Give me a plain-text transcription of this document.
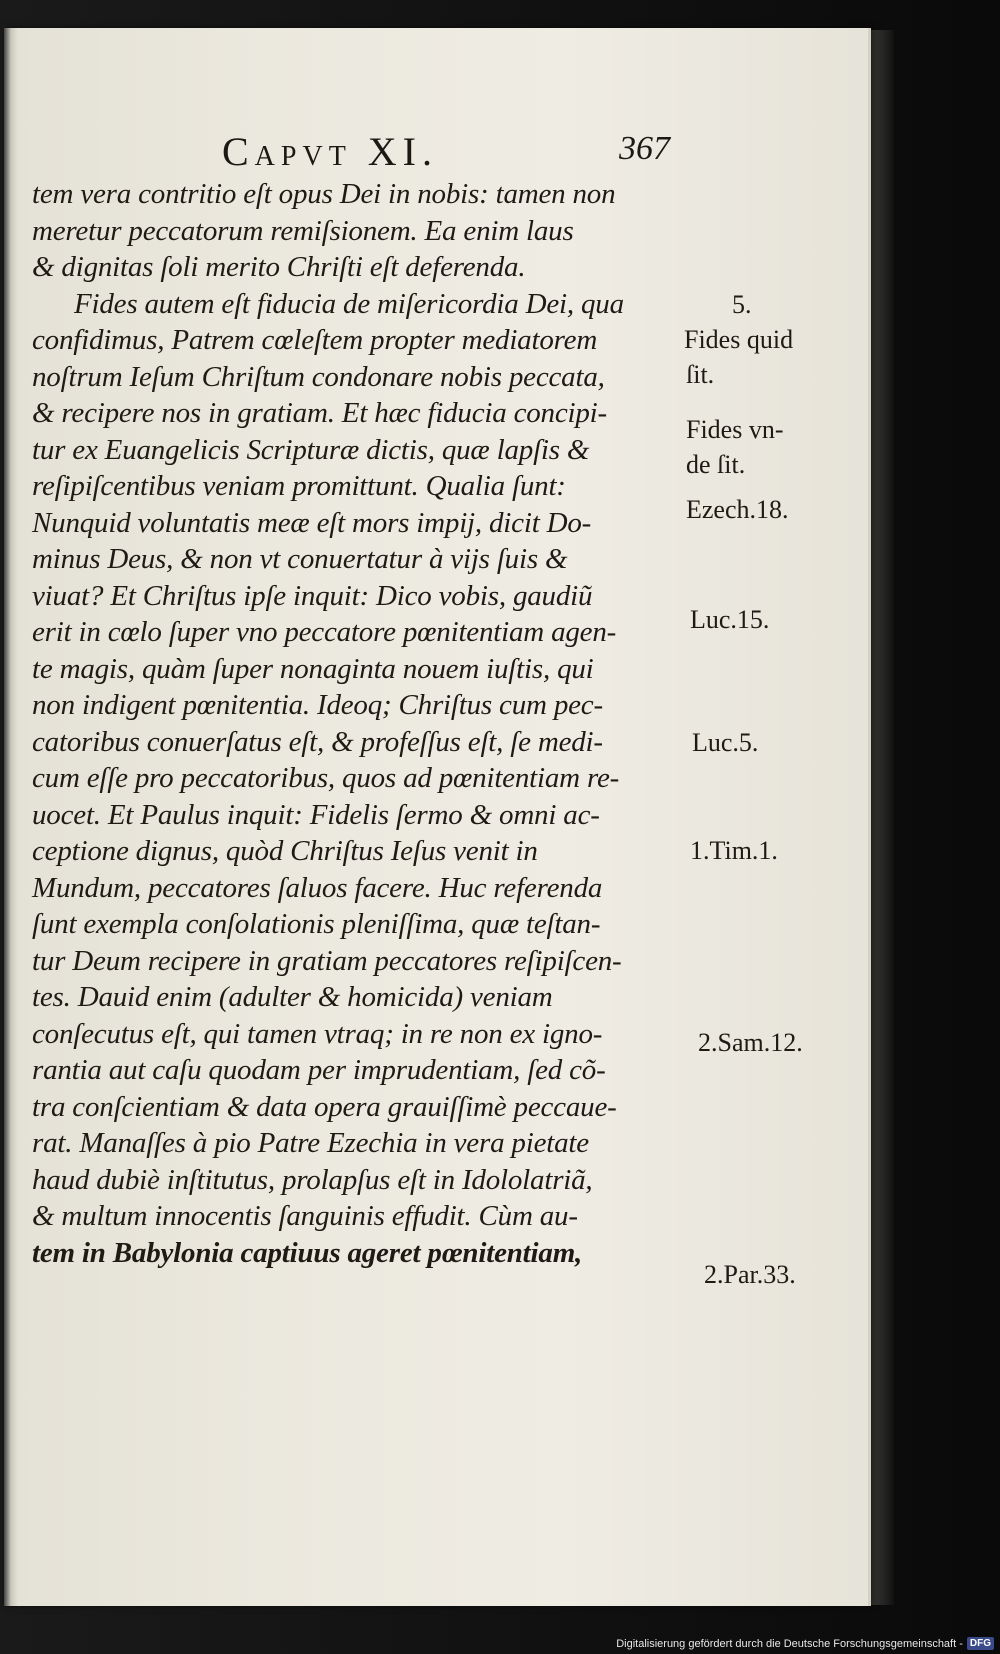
Capvt XI.	367
tem vera contritio eſt opus Dei in nobis: tamen non
meretur peccatorum remiſsionem. Ea enim laus
& dignitas ſoli merito Chriſti eſt deferenda.
Fides autem eſt fiducia de miſericordia Dei, qua
confidimus, Patrem cœleſtem propter mediatorem
noſtrum Ieſum Chriſtum condonare nobis peccata,
& recipere nos in gratiam. Et hæc fiducia concipi-
tur ex Euangelicis Scripturæ dictis, quæ lapſis &
reſipiſcentibus veniam promittunt. Qualia ſunt:
Nunquid voluntatis meæ eſt mors impij, dicit Do-
minus Deus, & non vt conuertatur à vijs ſuis &
viuat? Et Chriſtus ipſe inquit: Dico vobis, gaudiũ
erit in cœlo ſuper vno peccatore pœnitentiam agen-
te magis, quàm ſuper nonaginta nouem iuſtis, qui
non indigent pœnitentia. Ideoq; Chriſtus cum pec-
catoribus conuerſatus eſt, & profeſſus eſt, ſe medi-
cum eſſe pro peccatoribus, quos ad pœnitentiam re-
uocet. Et Paulus inquit: Fidelis ſermo & omni ac-
ceptione dignus, quòd Chriſtus Ieſus venit in
Mundum, peccatores ſaluos facere. Huc referenda
ſunt exempla conſolationis pleniſſima, quæ teſtan-
tur Deum recipere in gratiam peccatores reſipiſcen-
tes. Dauid enim (adulter & homicida) veniam
conſecutus eſt, qui tamen vtraq; in re non ex igno-
rantia aut caſu quodam per imprudentiam, ſed cõ-
tra conſcientiam & data opera grauiſſimè peccaue-
rat. Manaſſes à pio Patre Ezechia in vera pietate
haud dubiè inſtitutus, prolapſus eſt in Idololatriã,
& multum innocentis ſanguinis effudit. Cùm au-
tem in Babylonia captiuus ageret pœnitentiam,
5.
Fides quid
ſit.
Fides vn-
de ſit.
Ezech.18.
Luc.15.
Luc.5.
1.Tim.1.
2.Sam.12.
2.Par.33.
Digitalisierung gefördert durch die Deutsche Forschungsgemeinschaft - DFG
